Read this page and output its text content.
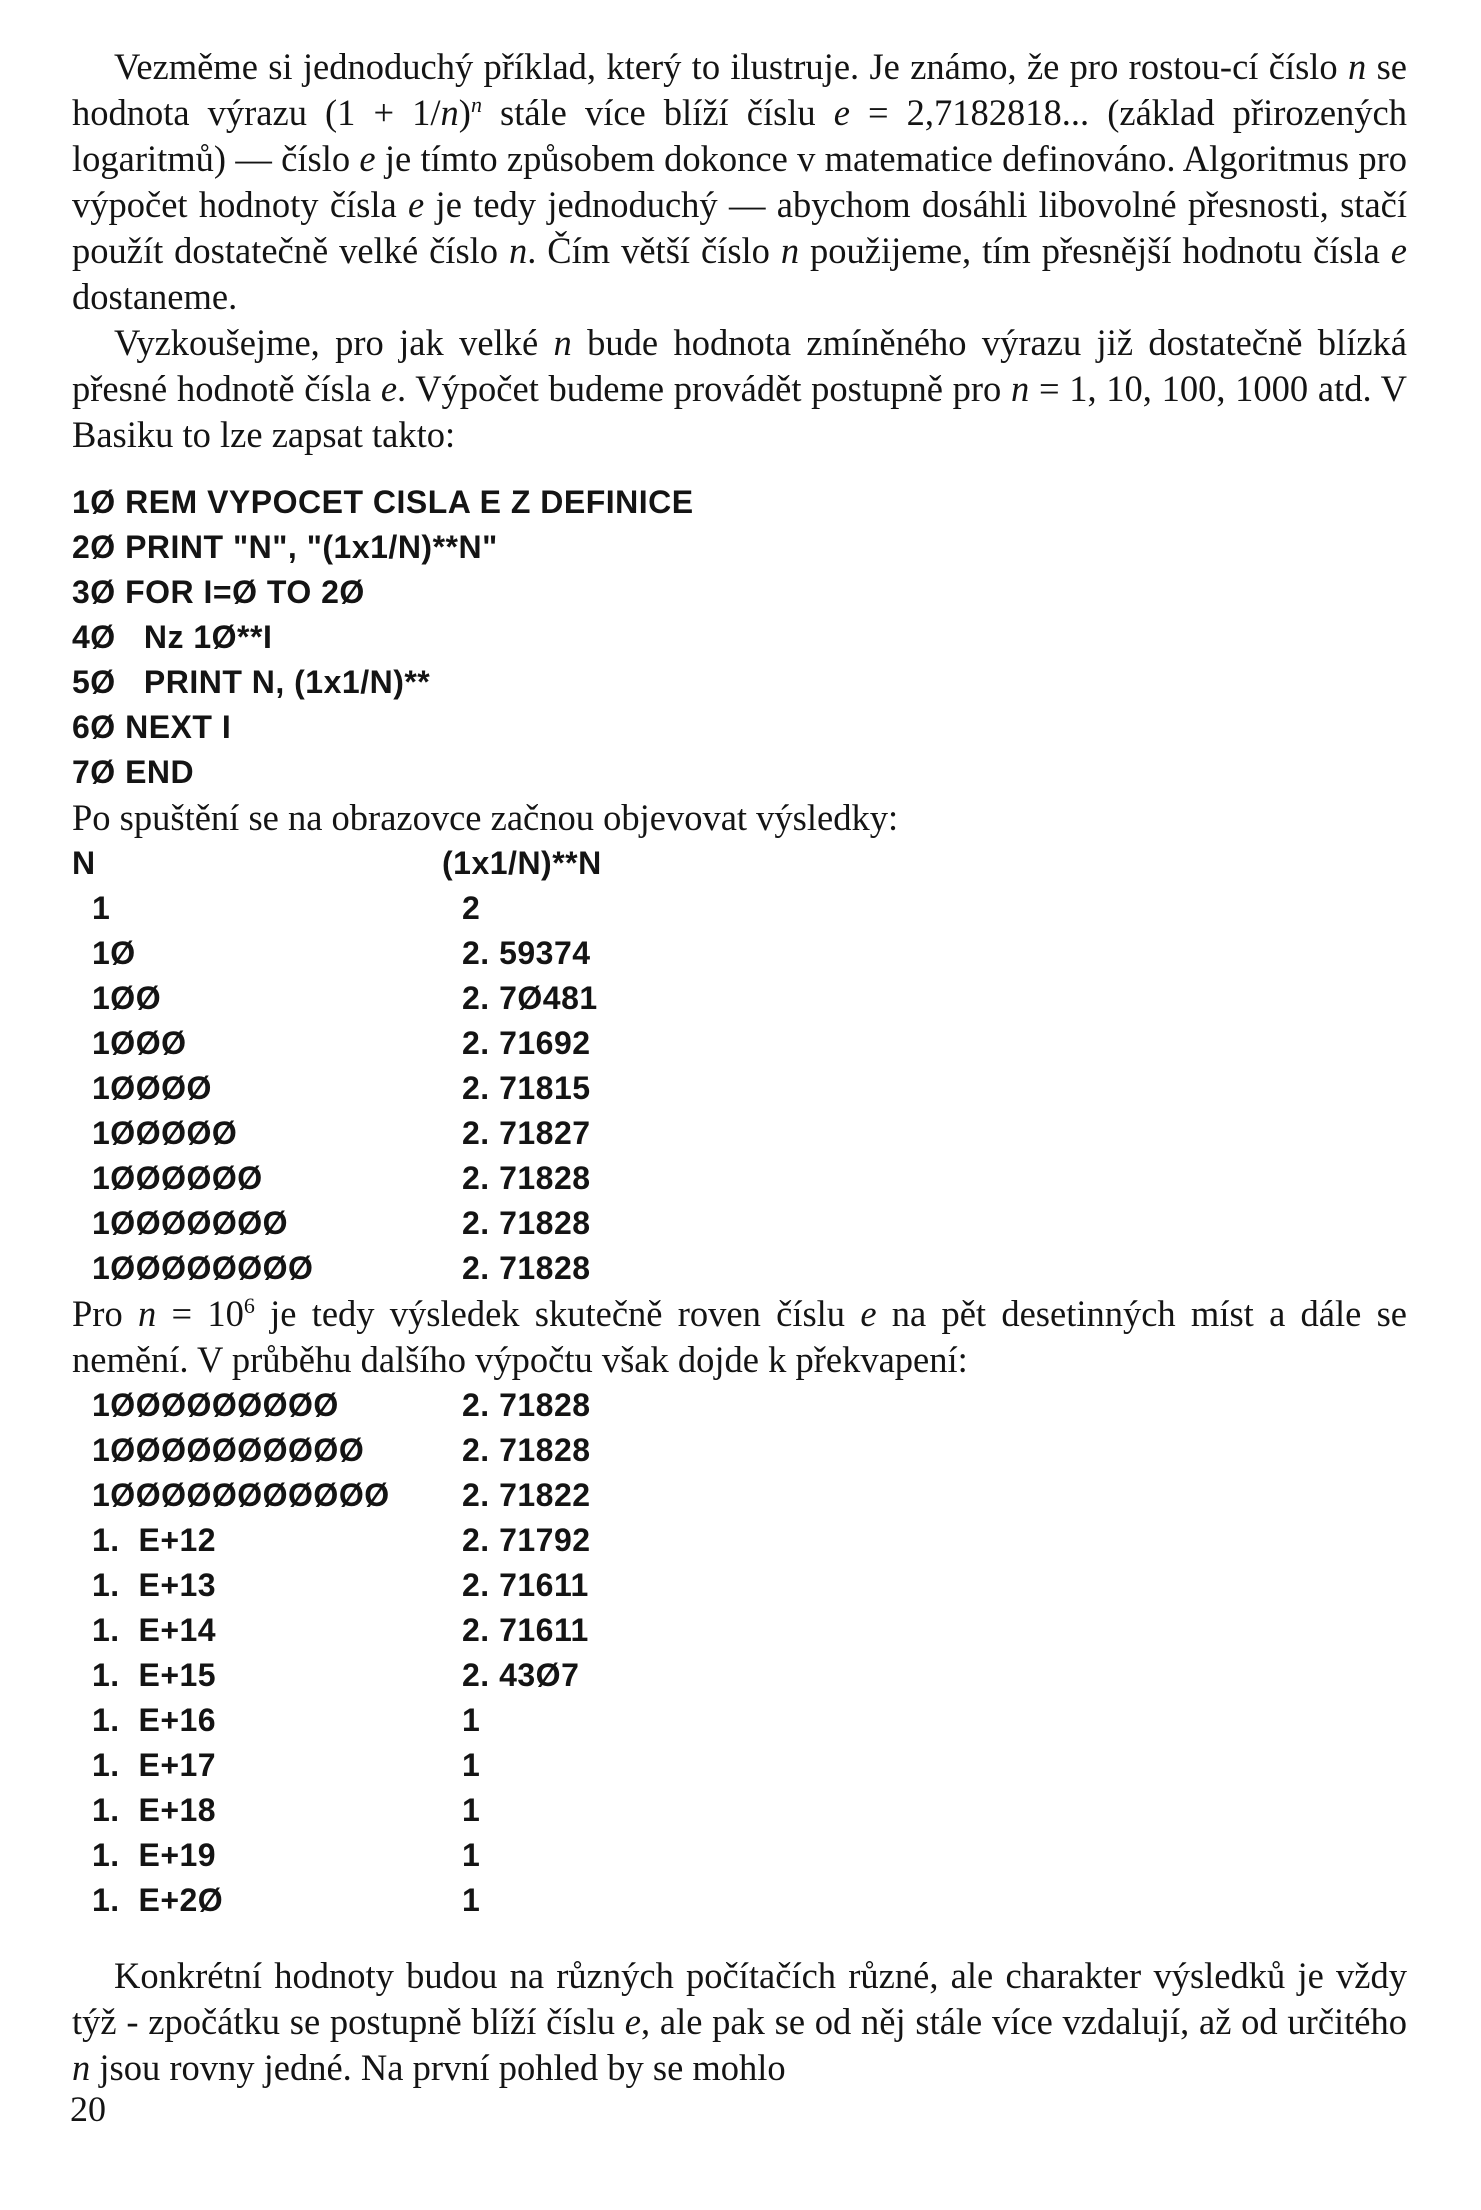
Vezměme si jednoduchý příklad, který to ilustruje. Je známo, že pro rostou-cí číslo n se hodnota výrazu $(1 + 1/n)^n$ stále více blíží číslu e = 2,7182818... (základ přirozených logaritmů) — číslo e je tímto způsobem dokonce v matematice definováno. Algoritmus pro výpočet hodnoty čísla e je tedy jednoduchý — abychom dosáhli libovolné přesnosti, stačí použít dostatečně velké číslo n. Čím větší číslo n použijeme, tím přesnější hodnotu čísla e dostaneme.

Vyzkoušejme, pro jak velké n bude hodnota zmíněného výrazu již dostatečně blízká přesné hodnotě čísla e. Výpočet budeme provádět postupně pro n = 1, 10, 100, 1000 atd. V Basiku to lze zapsat takto:

1Ø REM VYPOCET CISLA E Z DEFINICE
2Ø PRINT "N", "(1x1/N)**N"
3Ø FOR I=Ø TO 2Ø
4Ø   Nz 1Ø**I
5Ø   PRINT N, (1x1/N)**
6Ø NEXT I
7Ø END

Po spuštění se na obrazovce začnou objevovat výsledky:

N	(1x1/N)**N
1	2
1Ø	2. 59374
1ØØ	2. 7Ø481
1ØØØ	2. 71692
1ØØØØ	2. 71815
1ØØØØØ	2. 71827
1ØØØØØØ	2. 71828
1ØØØØØØØ	2. 71828
1ØØØØØØØØ	2. 71828

Pro $n = 10^6$ je tedy výsledek skutečně roven číslu e na pět desetinných míst a dále se nemění. V průběhu dalšího výpočtu však dojde k překvapení:

1ØØØØØØØØØ	2. 71828
1ØØØØØØØØØØ	2. 71828
1ØØØØØØØØØØØ	2. 71822
1.  E+12	2. 71792
1.  E+13	2. 71611
1.  E+14	2. 71611
1.  E+15	2. 43Ø7
1.  E+16	1
1.  E+17	1
1.  E+18	1
1.  E+19	1
1.  E+2Ø	1

Konkrétní hodnoty budou na různých počítačích různé, ale charakter výsledků je vždy týž - zpočátku se postupně blíží číslu e, ale pak se od něj stále více vzdalují, až od určitého n jsou rovny jedné. Na první pohled by se mohlo

20
